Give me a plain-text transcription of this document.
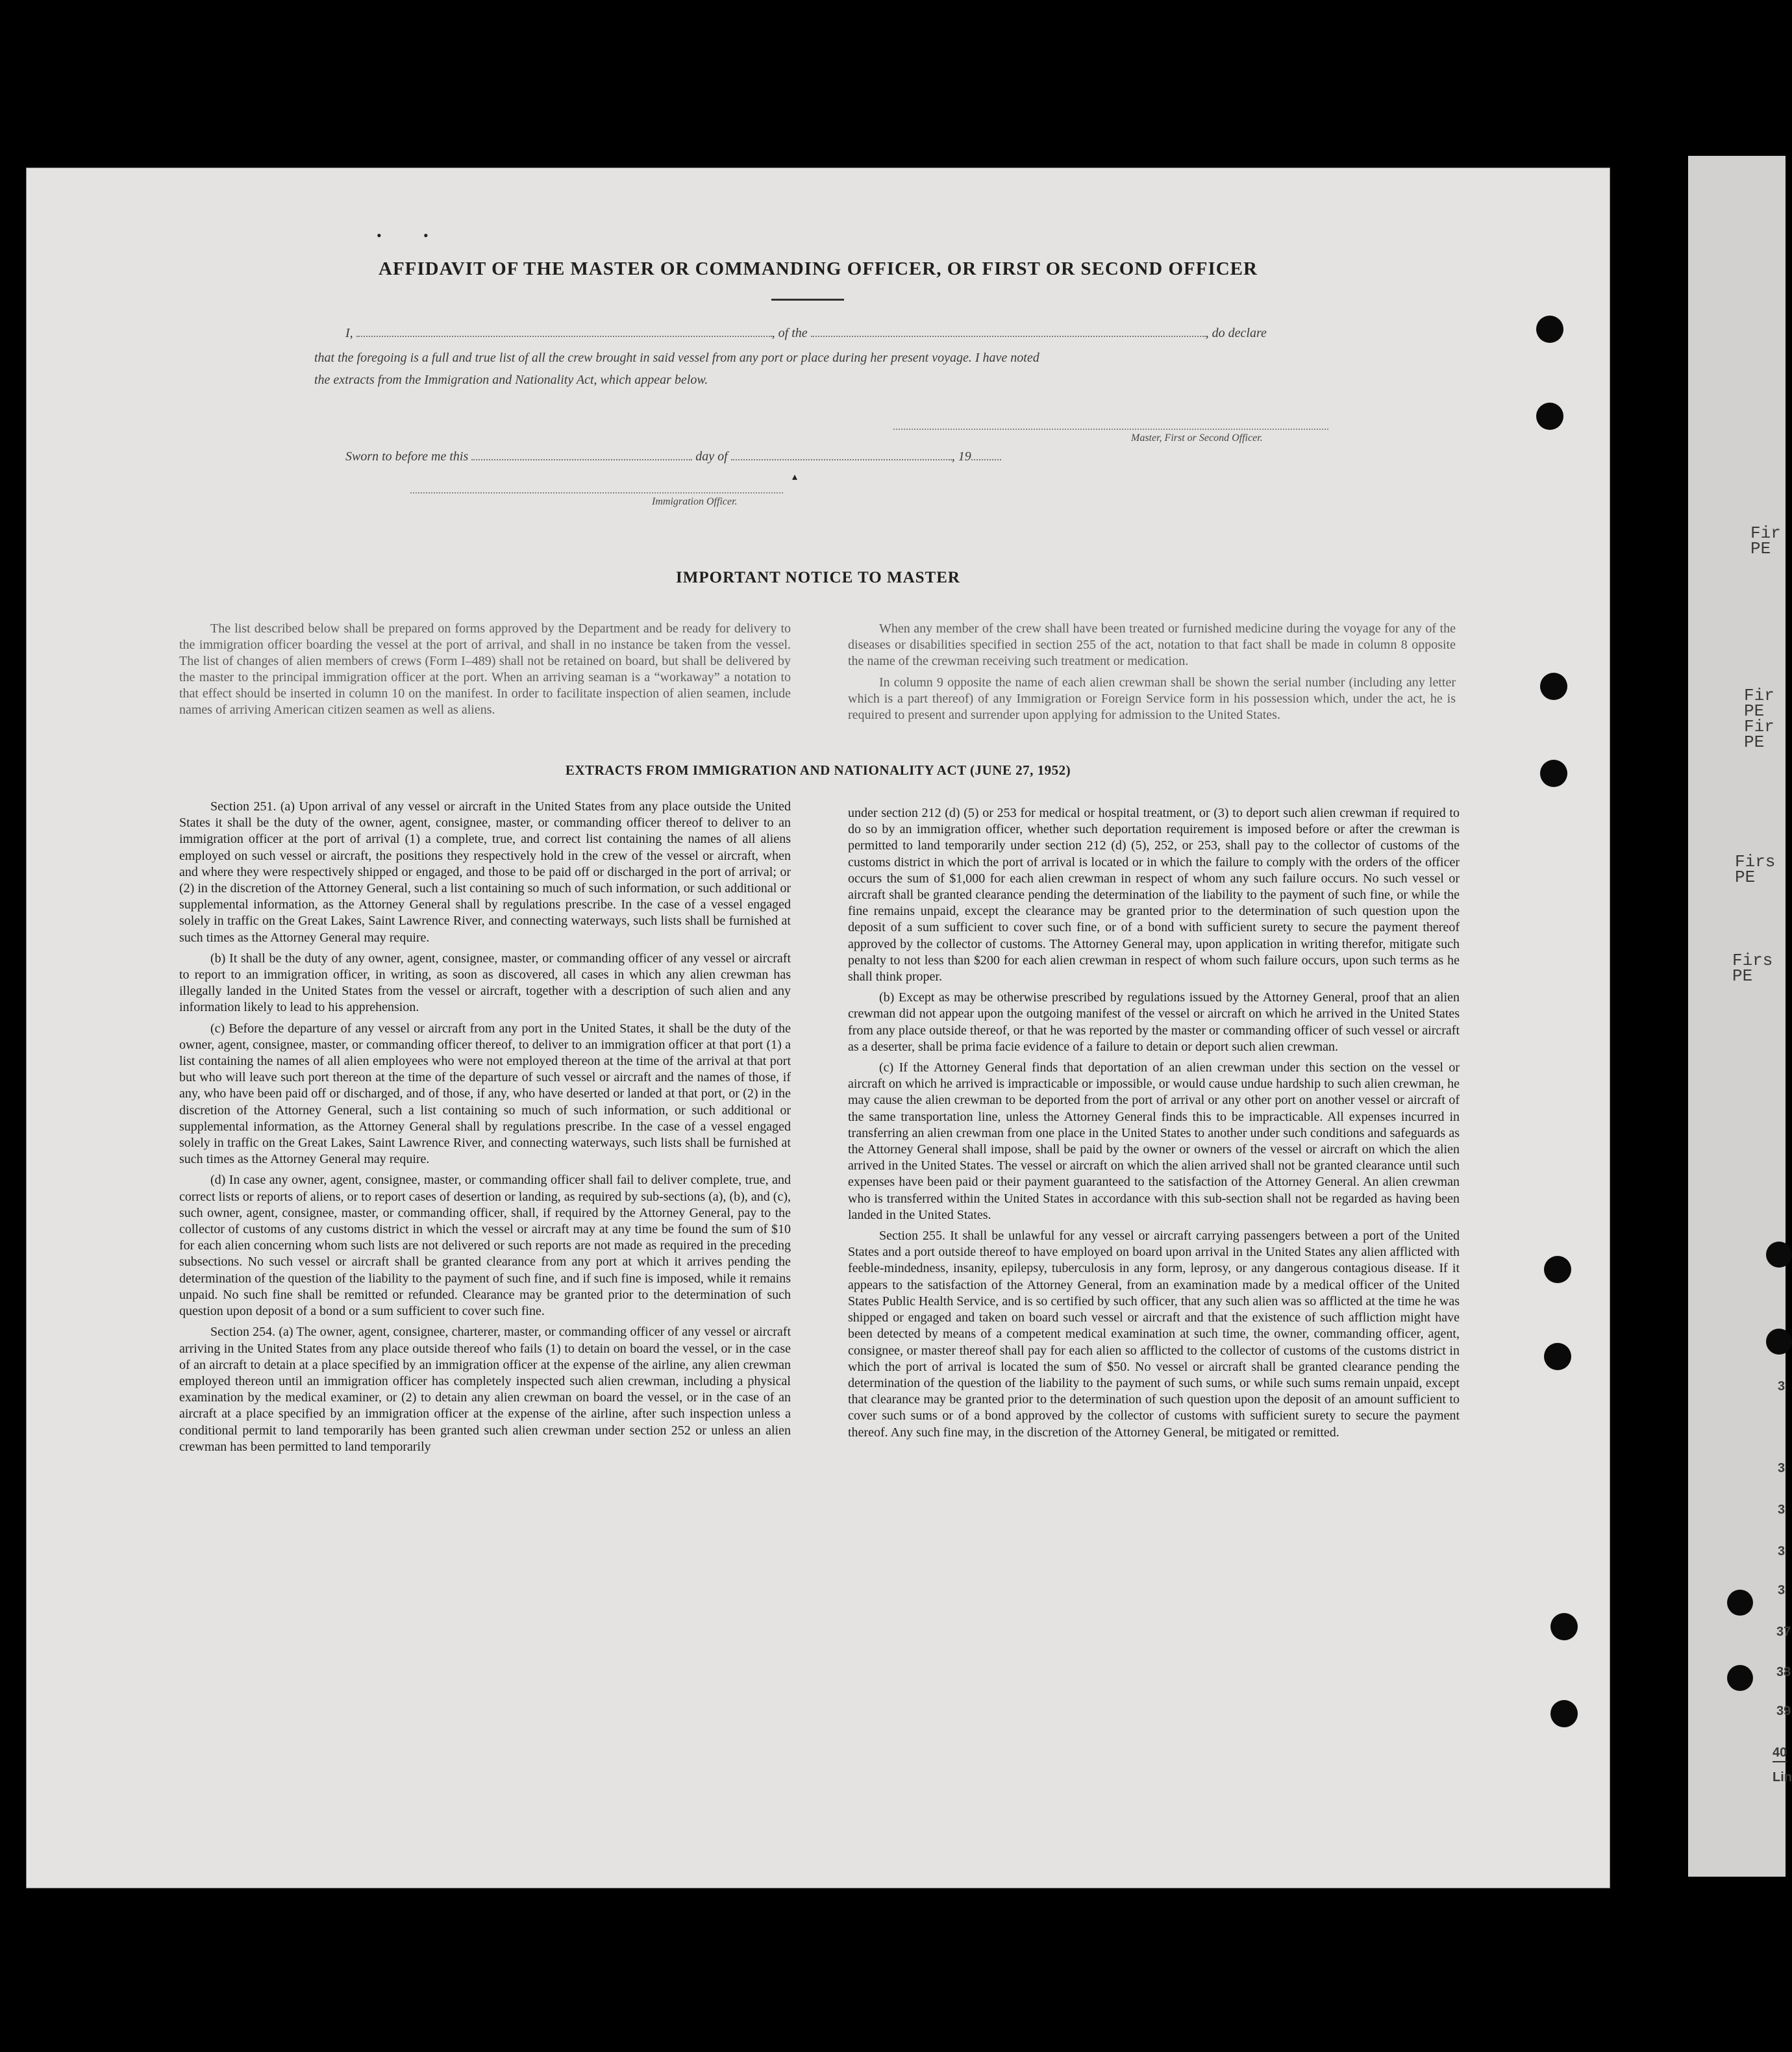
•	•
AFFIDAVIT OF THE MASTER OR COMMANDING OFFICER, OR FIRST OR SECOND OFFICER
I,	, of the	, do declare
that the foregoing is a full and true list of all the crew brought in said vessel from any port or place during her present voyage. I have noted
the extracts from the Immigration and Nationality Act, which appear below.
Master, First or Second Officer.
Sworn to before me this	day of	, 19
▴
Immigration Officer.
IMPORTANT NOTICE TO MASTER

The list described below shall be prepared on forms approved by the Department and be ready for delivery to the immigration officer boarding the vessel at the port of arrival, and shall in no instance be taken from the vessel. The list of changes of alien members of crews (Form I–489) shall not be retained on board, but shall be delivered by the master to the principal immigration officer at the port. When an arriving seaman is a “workaway” a notation to that effect should be inserted in column 10 on the manifest. In order to facilitate inspection of alien seamen, include names of arriving American citizen seamen as well as aliens.

When any member of the crew shall have been treated or furnished medicine during the voyage for any of the diseases or disabilities specified in section 255 of the act, notation to that fact shall be made in column 8 opposite the name of the crewman receiving such treatment or medication.

In column 9 opposite the name of each alien crewman shall be shown the serial number (including any letter which is a part thereof) of any Immigration or Foreign Service form in his possession which, under the act, he is required to present and surrender upon applying for admission to the United States.

EXTRACTS FROM IMMIGRATION AND NATIONALITY ACT (JUNE 27, 1952)

Section 251. (a) Upon arrival of any vessel or aircraft in the United States from any place outside the United States it shall be the duty of the owner, agent, consignee, master, or commanding officer thereof to deliver to an immigration officer at the port of arrival (1) a complete, true, and correct list containing the names of all aliens employed on such vessel or aircraft, the positions they respectively hold in the crew of the vessel or aircraft, when and where they were respectively shipped or engaged, and those to be paid off or discharged in the port of arrival; or (2) in the discretion of the Attorney General, such a list containing so much of such information, or such additional or supplemental information, as the Attorney General shall by regulations prescribe. In the case of a vessel engaged solely in traffic on the Great Lakes, Saint Lawrence River, and connecting waterways, such lists shall be furnished at such times as the Attorney General may require.

(b) It shall be the duty of any owner, agent, consignee, master, or commanding officer of any vessel or aircraft to report to an immigration officer, in writing, as soon as discovered, all cases in which any alien crewman has illegally landed in the United States from the vessel or aircraft, together with a description of such alien and any information likely to lead to his apprehension.

(c) Before the departure of any vessel or aircraft from any port in the United States, it shall be the duty of the owner, agent, consignee, master, or commanding officer thereof, to deliver to an immigration officer at that port (1) a list containing the names of all alien employees who were not employed thereon at the time of the arrival at that port but who will leave such port thereon at the time of the departure of such vessel or aircraft and the names of those, if any, who have been paid off or discharged, and of those, if any, who have deserted or landed at that port, or (2) in the discretion of the Attorney General, such a list containing so much of such information, or such additional or supplemental information, as the Attorney General shall by regulations prescribe. In the case of a vessel engaged solely in traffic on the Great Lakes, Saint Lawrence River, and connecting waterways, such lists shall be furnished at such times as the Attorney General may require.

(d) In case any owner, agent, consignee, master, or commanding officer shall fail to deliver complete, true, and correct lists or reports of aliens, or to report cases of desertion or landing, as required by sub-sections (a), (b), and (c), such owner, agent, consignee, master, or commanding officer, shall, if required by the Attorney General, pay to the collector of customs of any customs district in which the vessel or aircraft may at any time be found the sum of $10 for each alien concerning whom such lists are not delivered or such reports are not made as required in the preceding subsections. No such vessel or aircraft shall be granted clearance from any port at which it arrives pending the determination of the question of the liability to the payment of such fine, and if such fine is imposed, while it remains unpaid. No such fine shall be remitted or refunded. Clearance may be granted prior to the determination of such question upon deposit of a bond or a sum sufficient to cover such fine.

Section 254. (a) The owner, agent, consignee, charterer, master, or commanding officer of any vessel or aircraft arriving in the United States from any place outside thereof who fails (1) to detain on board the vessel, or in the case of an aircraft to detain at a place specified by an immigration officer at the expense of the airline, any alien crewman employed thereon until an immigration officer has completely inspected such alien crewman, including a physical examination by the medical examiner, or (2) to detain any alien crewman on board the vessel, or in the case of an aircraft at a place specified by an immigration officer at the expense of the airline, after such inspection unless a conditional permit to land temporarily has been granted such alien crewman under section 252 or unless an alien crewman has been permitted to land temporarily

under section 212 (d) (5) or 253 for medical or hospital treatment, or (3) to deport such alien crewman if required to do so by an immigration officer, whether such deportation requirement is imposed before or after the crewman is permitted to land temporarily under section 212 (d) (5), 252, or 253, shall pay to the collector of customs of the customs district in which the port of arrival is located or in which the failure to comply with the orders of the officer occurs the sum of $1,000 for each alien crewman in respect of whom any such failure occurs. No such vessel or aircraft shall be granted clearance pending the determination of the liability to the payment of such fine, or while the fine remains unpaid, except the clearance may be granted prior to the determination of such question upon the deposit of a sum sufficient to cover such fine, or of a bond with sufficient surety to secure the payment thereof approved by the collector of customs. The Attorney General may, upon application in writing therefor, mitigate such penalty to not less than $200 for each alien crewman in respect of whom such failure occurs, upon such terms as he shall think proper.

(b) Except as may be otherwise prescribed by regulations issued by the Attorney General, proof that an alien crewman did not appear upon the outgoing manifest of the vessel or aircraft on which he arrived in the United States from any place outside thereof, or that he was reported by the master or commanding officer of such vessel or aircraft as a deserter, shall be prima facie evidence of a failure to detain or deport such alien crewman.

(c) If the Attorney General finds that deportation of an alien crewman under this section on the vessel or aircraft on which he arrived is impracticable or impossible, or would cause undue hardship to such alien crewman, he may cause the alien crewman to be deported from the port of arrival or any other port on another vessel or aircraft of the same transportation line, unless the Attorney General finds this to be impracticable. All expenses incurred in transferring an alien crewman from one place in the United States to another under such conditions and safeguards as the Attorney General shall impose, shall be paid by the owner or owners of the vessel or aircraft on which the alien arrived in the United States. The vessel or aircraft on which the alien arrived shall not be granted clearance until such expenses have been paid or their payment guaranteed to the satisfaction of the Attorney General. An alien crewman who is transferred within the United States in accordance with this sub-section shall not be regarded as having been landed in the United States.

Section 255. It shall be unlawful for any vessel or aircraft carrying passengers between a port of the United States and a port outside thereof to have employed on board upon arrival in the United States any alien afflicted with feeble-mindedness, insanity, epilepsy, tuberculosis in any form, leprosy, or any dangerous contagious disease. If it appears to the satisfaction of the Attorney General, from an examination made by a medical officer of the United States Public Health Service, and is so certified by such officer, that any such alien was so afflicted at the time he was shipped or engaged and taken on board such vessel or aircraft and that the existence of such affliction might have been detected by means of a competent medical examination at such time, the owner, commanding officer, agent, consignee, or master thereof shall pay for each alien so afflicted to the collector of customs of the customs district in which the port of arrival is located the sum of $50. No vessel or aircraft shall be granted clearance pending the determination of the question of the liability to the payment of such sums, or while such sums remain unpaid, except that clearance may be granted prior to the determination of such question upon the deposit of an amount sufficient to cover such sums or of a bond approved by the collector of customs with sufficient surety to secure the payment thereof. Any such fine may, in the discretion of the Attorney General, be mitigated or remitted.

Fir
PE
Fir
PE
Fir
PE
Firs
PE
Firs
PE
3
3
3
3
3
37
38
39
40
Lin
